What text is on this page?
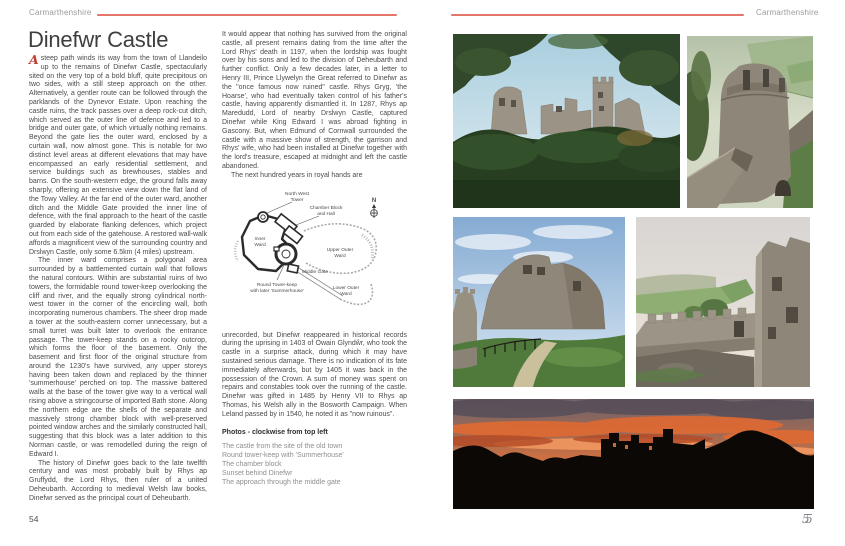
Carmarthenshire
Dinefwr Castle

Asteep path winds its way from the town of Llandeilo up to the remains of Dinefwr Castle, spectacularly sited on the very top of a bold bluff, quite precipitous on two sides, with a still steep approach on the other. Alternatively, a gentler route can be followed through the parklands of the Dynevor Estate. Upon reaching the castle ruins, the track passes over a deep rock-cut ditch, which served as the outer line of defence and led to a bridge and outer gate, of which virtually nothing remains. Beyond the gate lies the outer ward, enclosed by a curtain wall, now almost gone. This is notable for two distinct level areas at different elevations that may have encompassed an early residential settlement, and service buildings such as brewhouses, stables and barns. On the south-western edge, the ground falls away sharply, offering an extensive view down the flat land of the Towy Valley. At the far end of the outer ward, another ditch and the Middle Gate provided the inner line of defence, with the final approach to the heart of the castle guarded by elaborate flanking defences, which project out from each side of the gatehouse. A restored wall-walk affords a magnificent view of the surrounding country and Drslwyn Castle, only some 6.5km (4 miles) upstream.

The inner ward comprises a polygonal area surrounded by a battlemented curtain wall that follows the natural contours. Within are substantial ruins of two towers, the formidable round tower-keep overlooking the cliff and river, and the equally strong cylindrical north-west tower in the corner of the encircling wall, both incorporating numerous chambers. The sheer drop made a tower at the south-eastern corner unnecessary, but a small turret was built later to overlook the entrance passage. The tower-keep stands on a rocky outcrop, which forms the floor of the basement. Only the basement and first floor of the original structure from around the 1230's have survived, any upper storeys having been taken down and replaced by the thinner 'summerhouse' perched on top. The massive battered walls at the base of the tower give way to a vertical wall rising above a stringcourse of imported Bath stone. Along the northern edge are the shells of the separate and massively strong chamber block with well-preserved pointed window arches and the similarly constructed hall, suggesting that this block was a later addition to this Norman castle, or was remodelled during the reign of Edward I.

The history of Dinefwr goes back to the late twelfth century and was most probably built by Rhys ap Gruffydd, the Lord Rhys, then ruler of a united Deheubarth. According to medieval Welsh law books, Dinefwr served as the principal court of Deheubarth.

It would appear that nothing has survived from the original castle, all present remains dating from the time after the Lord Rhys' death in 1197, when the lordship was fought over by his sons and led to the division of Deheubarth and further conflict. Only a few decades later, in a letter to Henry III, Prince Llywelyn the Great referred to Dinefwr as the "once famous now ruined" castle. Rhys Gryg, 'the Hoarse', who had eventually taken control of his father's castle, having apparently dismantled it. In 1287, Rhys ap Maredudd, Lord of nearby Drslwyn Castle, captured Dinefwr while King Edward I was abroad fighting in Gascony. But, when Edmund of Cornwall surrounded the castle with a massive show of strength, the garrison and Rhys' wife, who had been installed at Dinefwr together with the lord's treasure, escaped at midnight and left the castle abandoned.

The next hundred years in royal hands are

North West
Tower
Chamber Block
and Hall
Inner
Ward
Upper Outer
Ward
Middle Gate
Round Tower-keep
with later 'Summerhouse'
Lower Outer
Ward
N

unrecorded, but Dinefwr reappeared in historical records during the uprising in 1403 of Owain Glyndŵr, who took the castle in a surprise attack, during which it may have sustained serious damage. There is no indication of its fate immediately afterwards, but by 1405 it was back in the possession of the Crown. A sum of money was spent on repairs and constables took over the running of the castle. Dinefwr was gifted in 1485 by Henry VII to Rhys ap Thomas, his Welsh ally in the Bosworth Campaign. When Leland passed by in 1540, he noted it as "now ruinous".

Photos - clockwise from top left

The castle from the site of the old town
Round tower-keep with 'Summerhouse'
The chamber block
Sunset behind Dinefwr
The approach through the middle gate
54
Carmarthenshire
55
